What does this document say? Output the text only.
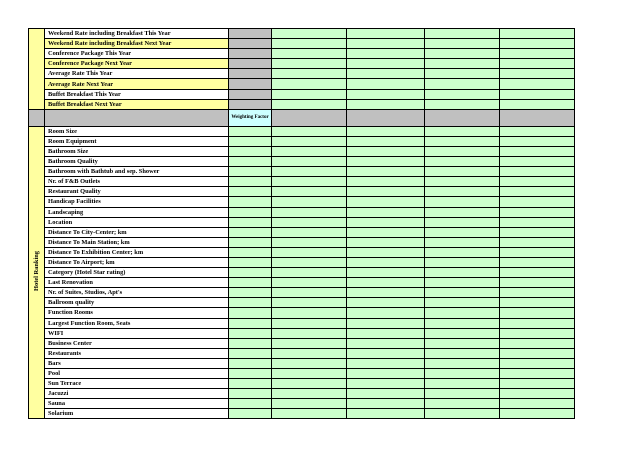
	Weekend Rate including Breakfast This Year					
	Weekend Rate including Breakfast Next Year					
	Conference Package This Year					
	Conference Package Next Year					
	Average Rate This Year					
	Average Rate Next Year					
	Buffet Breakfast This Year					
	Buffet Breakfast Next Year					

		Weighting Factor				

Hotel Ranking	Room Size					
	Room Equipment					
	Bathroom Size					
	Bathroom Quality					
	Bathroom with Bathtub and sep. Shower					
	Nr. of F&B Outlets					
	Restaurant Quality					
	Handicap Facilities					
	Landscaping					
	Location					
	Distance To City-Center; km					
	Distance To Main Station; km					
	Distance To Exhibition Center; km					
	Distance To Airport; km					
	Category (Hotel Star rating)					
	Last Renovation					
	Nr. of Suites, Studios, Apt's					
	Ballroom quality					
	Function Rooms					
	Largest Function Room, Seats					
	WIFI					
	Business Center					
	Restaurants					
	Bars					
	Pool					
	Sun Terrace					
	Jacuzzi					
	Sauna					
	Solarium					
